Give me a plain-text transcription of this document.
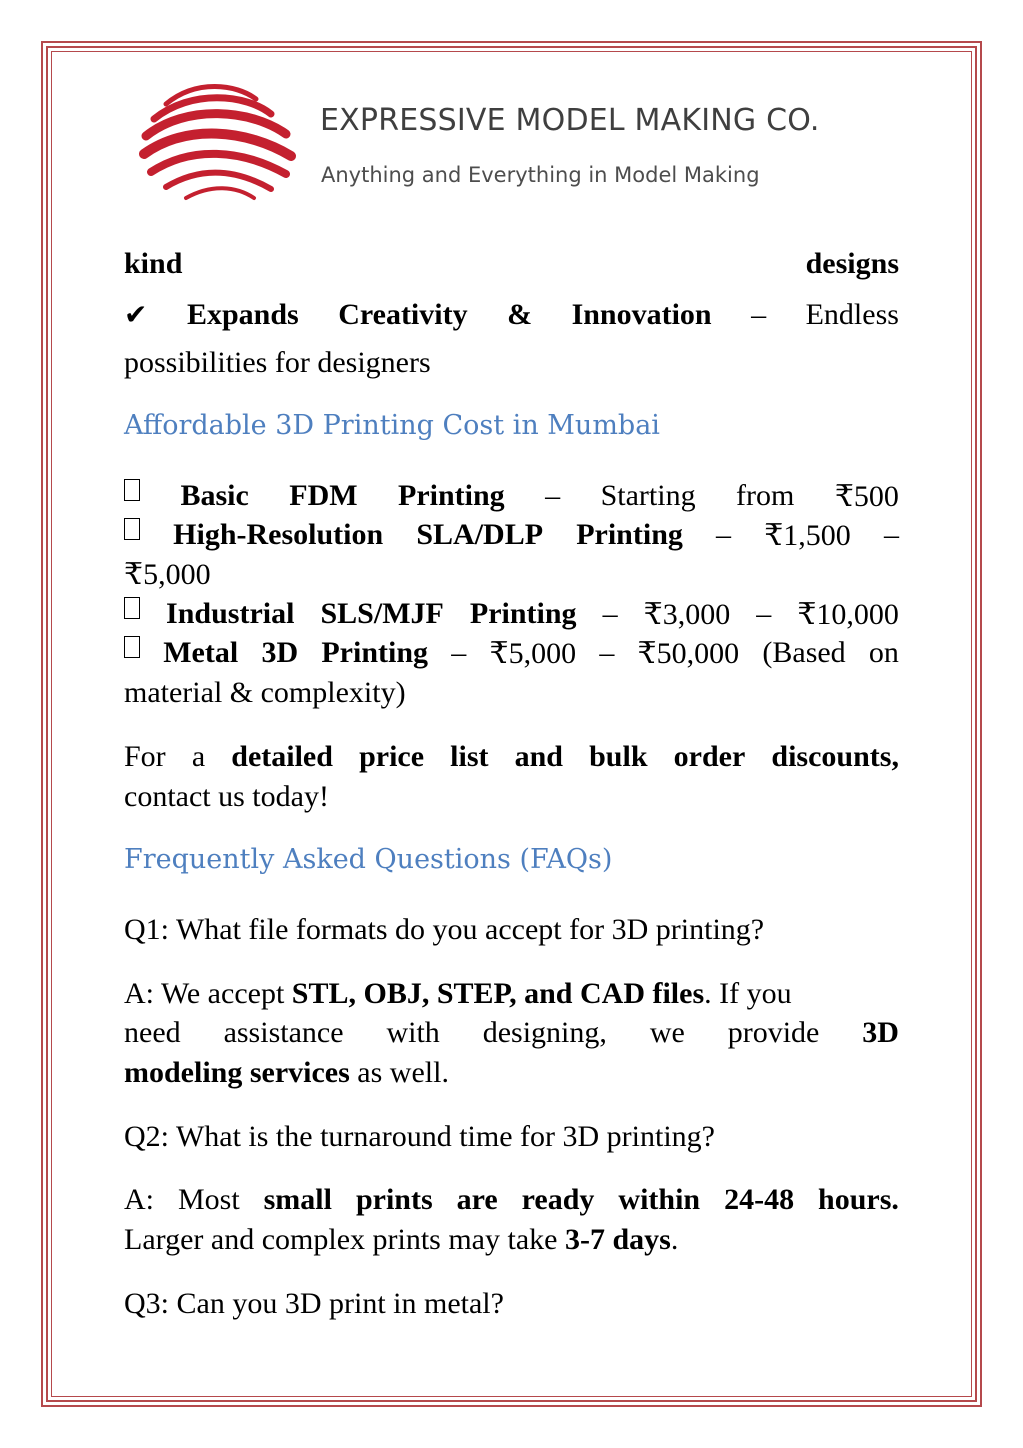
EXPRESSIVE MODEL MAKING CO.
Anything and Everything in Model Making
kind	designs
✔ Expands Creativity & Innovation – Endless
possibilities for designers
Affordable 3D Printing Cost in Mumbai
Basic FDM Printing – Starting from ₹500
High-Resolution SLA/DLP Printing – ₹1,500 –
₹5,000
Industrial SLS/MJF Printing – ₹3,000 – ₹10,000
Metal 3D Printing – ₹5,000 – ₹50,000 (Based on
material & complexity)
For a detailed price list and bulk order discounts,
contact us today!
Frequently Asked Questions (FAQs)
Q1: What file formats do you accept for 3D printing?
A: We accept STL, OBJ, STEP, and CAD files. If you
need assistance with designing, we provide 3D
modeling services as well.
Q2: What is the turnaround time for 3D printing?
A: Most small prints are ready within 24-48 hours.
Larger and complex prints may take 3-7 days.
Q3: Can you 3D print in metal?
